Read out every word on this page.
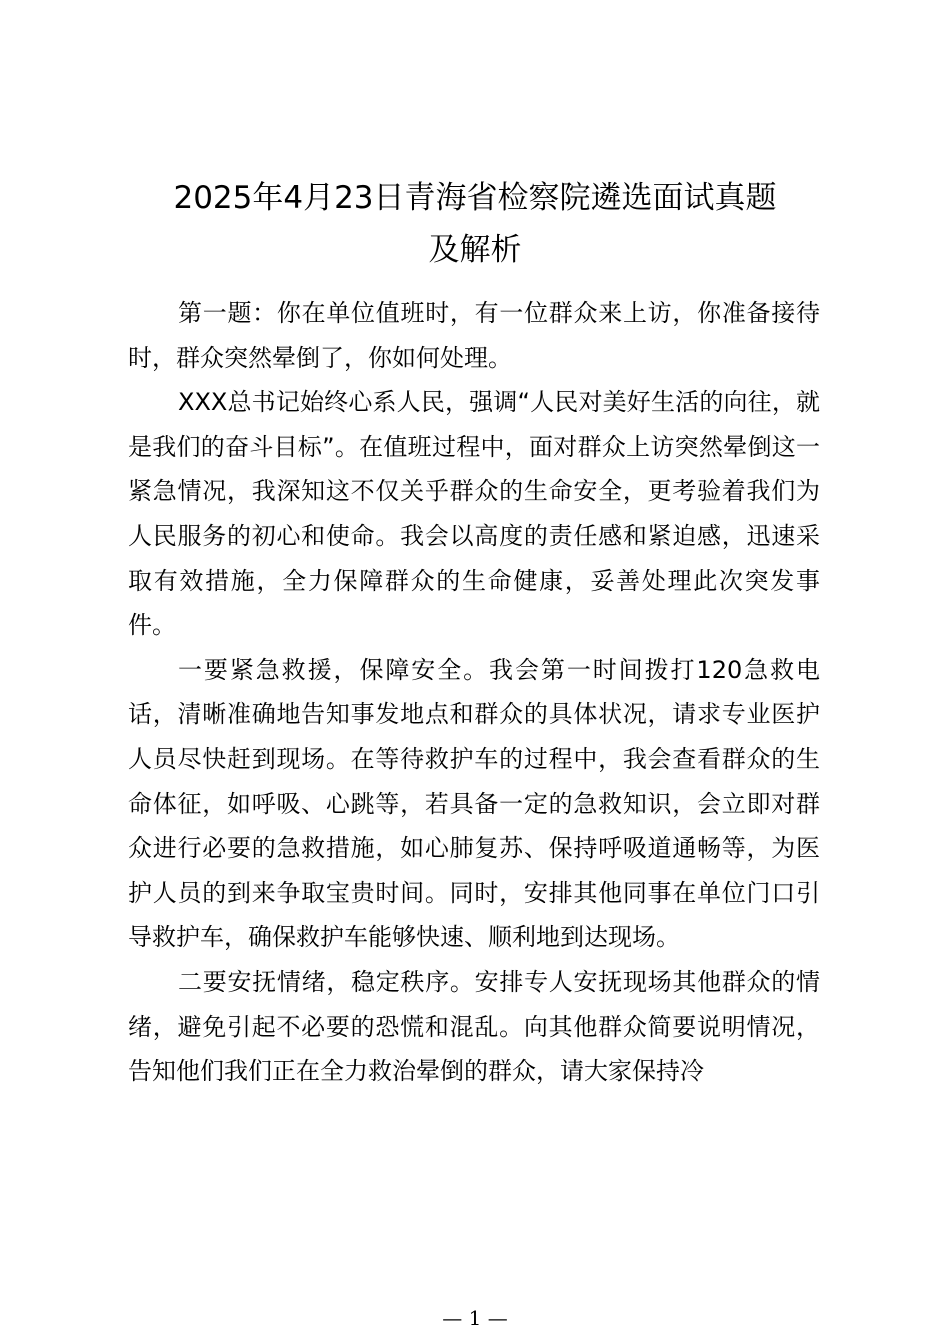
2025年4月23日青海省检察院遴选面试真题
及解析

第一题：你在单位值班时，有一位群众来上访，你准备接待时，群众突然晕倒了，你如何处理。

XXX总书记始终心系人民，强调“人民对美好生活的向往，就是我们的奋斗目标”。在值班过程中，面对群众上访突然晕倒这一紧急情况，我深知这不仅关乎群众的生命安全，更考验着我们为人民服务的初心和使命。我会以高度的责任感和紧迫感，迅速采取有效措施，全力保障群众的生命健康，妥善处理此次突发事件。

一要紧急救援，保障安全。我会第一时间拨打120急救电话，清晰准确地告知事发地点和群众的具体状况，请求专业医护人员尽快赶到现场。在等待救护车的过程中，我会查看群众的生命体征，如呼吸、心跳等，若具备一定的急救知识，会立即对群众进行必要的急救措施，如心肺复苏、保持呼吸道通畅等，为医护人员的到来争取宝贵时间。同时，安排其他同事在单位门口引导救护车，确保救护车能够快速、顺利地到达现场。

二要安抚情绪，稳定秩序。安排专人安抚现场其他群众的情绪，避免引起不必要的恐慌和混乱。向其他群众简要说明情况，告知他们我们正在全力救治晕倒的群众，请大家保持冷

— 1 —
